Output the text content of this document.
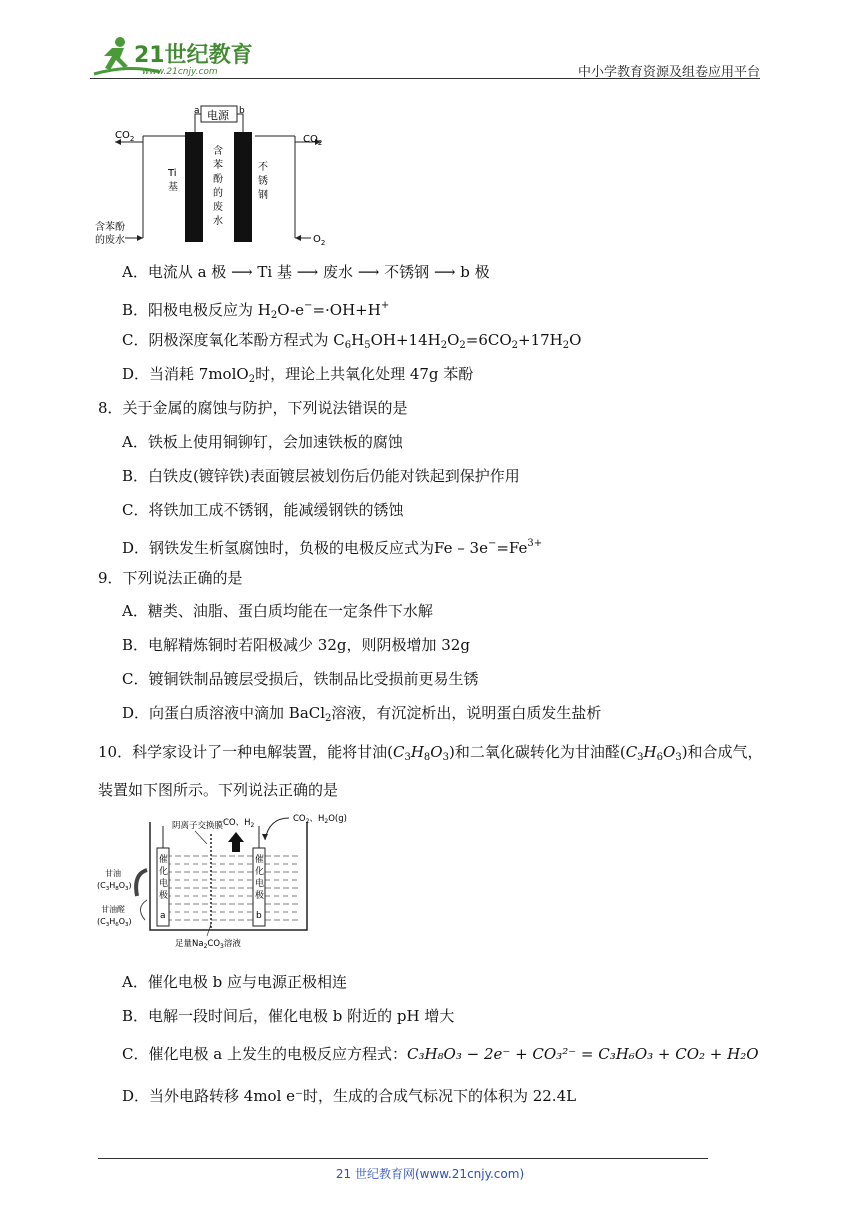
21世纪教育
www.21cnjy.com	中小学教育资源及组卷应用平台
电源
a	b
$CO_2$	$CO_2$
Ti
基
含
苯
酚
的
废
水
不
锈
钢
含苯酚
的废水	$O_2$
A．电流从 a 极 ⟶ Ti 基 ⟶ 废水 ⟶ 不锈钢 ⟶ b 极
B．阳极电极反应为 $H_2O-e^-=\cdot OH+H^+$
C．阴极深度氧化苯酚方程式为 $C_6H_5OH+14H_2O_2=6CO_2+17H_2O$
D．当消耗 7molO$_2$时，理论上共氧化处理 47g 苯酚
8．关于金属的腐蚀与防护，下列说法错误的是
A．铁板上使用铜铆钉，会加速铁板的腐蚀
B．白铁皮(镀锌铁)表面镀层被划伤后仍能对铁起到保护作用
C．将铁加工成不锈钢，能减缓钢铁的锈蚀
D．钢铁发生析氢腐蚀时，负极的电极反应式为$Fe - 3e^-=Fe^{3+}$
9．下列说法正确的是
A．糖类、油脂、蛋白质均能在一定条件下水解
B．电解精炼铜时若阳极减少 32g，则阴极增加 32g
C．镀铜铁制品镀层受损后，铁制品比受损前更易生锈
D．向蛋白质溶液中滴加 BaCl$_2$溶液，有沉淀析出，说明蛋白质发生盐析
10．科学家设计了一种电解装置，能将甘油$(C_3H_8O_3)$和二氧化碳转化为甘油醛$(C_3H_6O_3)$和合成气，
装置如下图所示。下列说法正确的是
阴离子交换膜 CO、$H_2$
$CO_2$、$H_2O(g)$
催
化
电
极
a
催
化
电
极
b
甘油
$(C_3H_8O_3)$
甘油醛
$(C_3H_6O_3)$
足量$Na_2CO_3$溶液
A．催化电极 b 应与电源正极相连
B．电解一段时间后，催化电极 b 附近的 pH 增大
C．催化电极 a 上发生的电极反应方程式：C₃H₈O₃ − 2e⁻ + CO₃²⁻ = C₃H₆O₃ + CO₂ + H₂O
D．当外电路转移 4mol e⁻时，生成的合成气标况下的体积为 22.4L
21 世纪教育网(www.21cnjy.com)
